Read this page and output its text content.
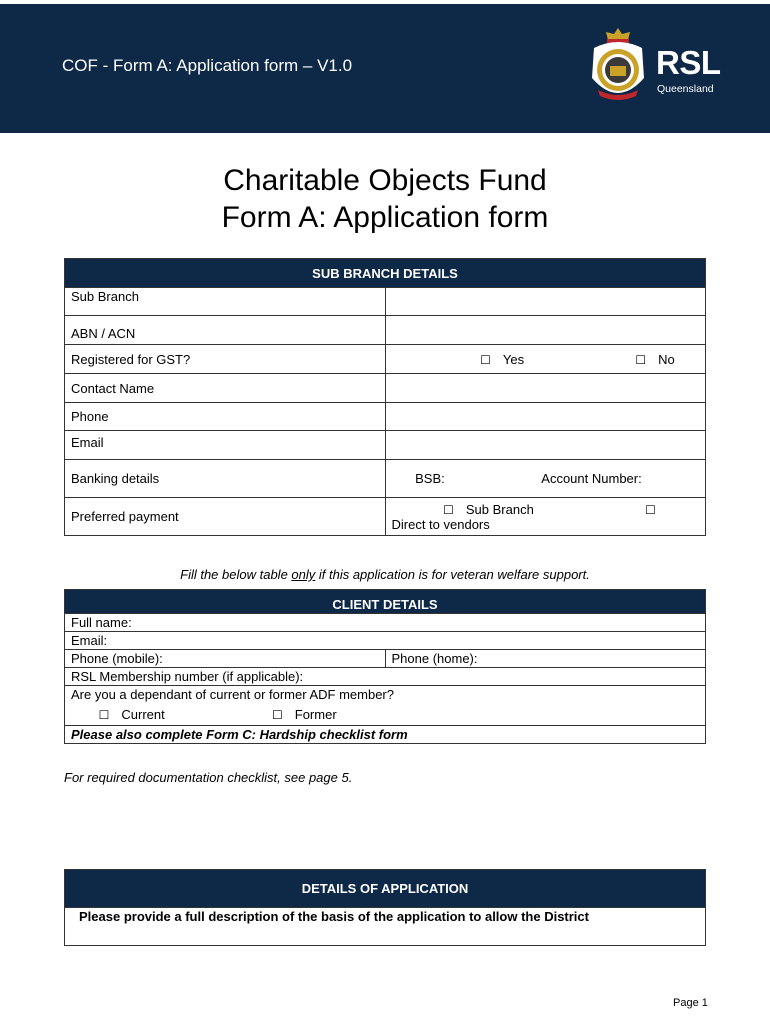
COF - Form A: Application form – V1.0	RSL
Queensland
Charitable Objects Fund
Form A: Application form
SUB BRANCH DETAILS	
Sub Branch	
ABN / ACN	
Registered for GST?	☐ Yes ☐ No
Contact Name	
Phone	
Email	
Banking details	BSB: Account Number:
Preferred payment	☐ Sub Branch ☐Direct to vendors
Fill the below table only if this application is for veteran welfare support.
CLIENT DETAILS
Full name:
Email:
Phone (mobile):	Phone (home):
RSL Membership number (if applicable):

Are you a dependant of current or former ADF member?
☐ Current	☐ Former

Please also complete Form C: Hardship checklist form
For required documentation checklist, see page 5.
DETAILS OF APPLICATION
Please provide a full description of the basis of the application to allow the District
Page 1
